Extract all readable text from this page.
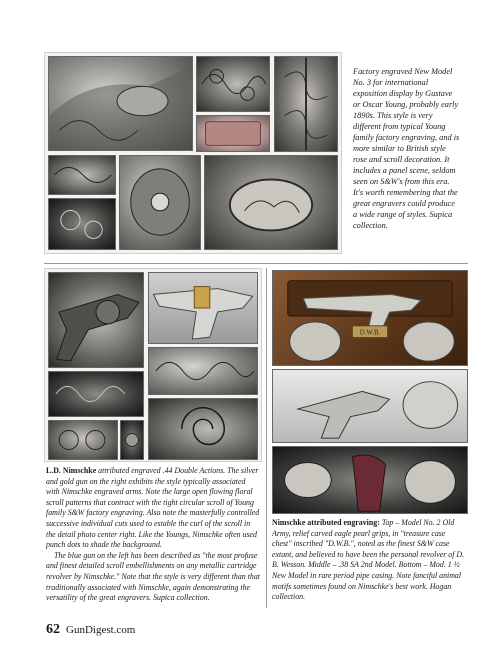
Factory engraved New Model No. 3 for international exposition display by Gustave or Oscar Young, probably early 1890s. This style is very different from typical Young family factory engraving, and is more similar to British style rose and scroll decoration. It includes a panel scene, seldom seen on S&W's from this era. It's worth remembering that the great engravers could produce a wide range of styles. Supica collection.

L.D. Nimschke attributed engraved .44 Double Actions. The silver and gold gun on the right exhibits the style typically associated with Nimschke engraved arms. Note the large open flowing floral scroll patterns that contract with the tight circular scroll of Young family S&W factory engraving. Also note the masterfully controlled successive individual cuts used to estable the curl of the scroll in the detail photo center right. Like the Youngs, Nimschke often used punch dots to shade the background.

The blue gun on the left has been described as "the most profuse and finest detailed scroll embellishments on any metallic cartridge revolver by Nimschke." Note that the style is very different than that traditionally associated with Nimschke, again demonstrating the versatility of the great engravers. Supica collection.

D.W.B.
Nimschke attributed engraving: Top – Model No. 2 Old Army, relief carved eagle pearl grips, in "treasure case chest" inscribed "D.W.B.", noted as the finest S&W case extant, and believed to have been the personal revolver of D. B. Wesson. Middle – .38 SA 2nd Model. Bottom – Mod. 1 ½ New Model in rare period pipe casing. Note fanciful animal motifs sometimes found on Nimschke's best work. Hogan collection.
62 GunDigest.com
